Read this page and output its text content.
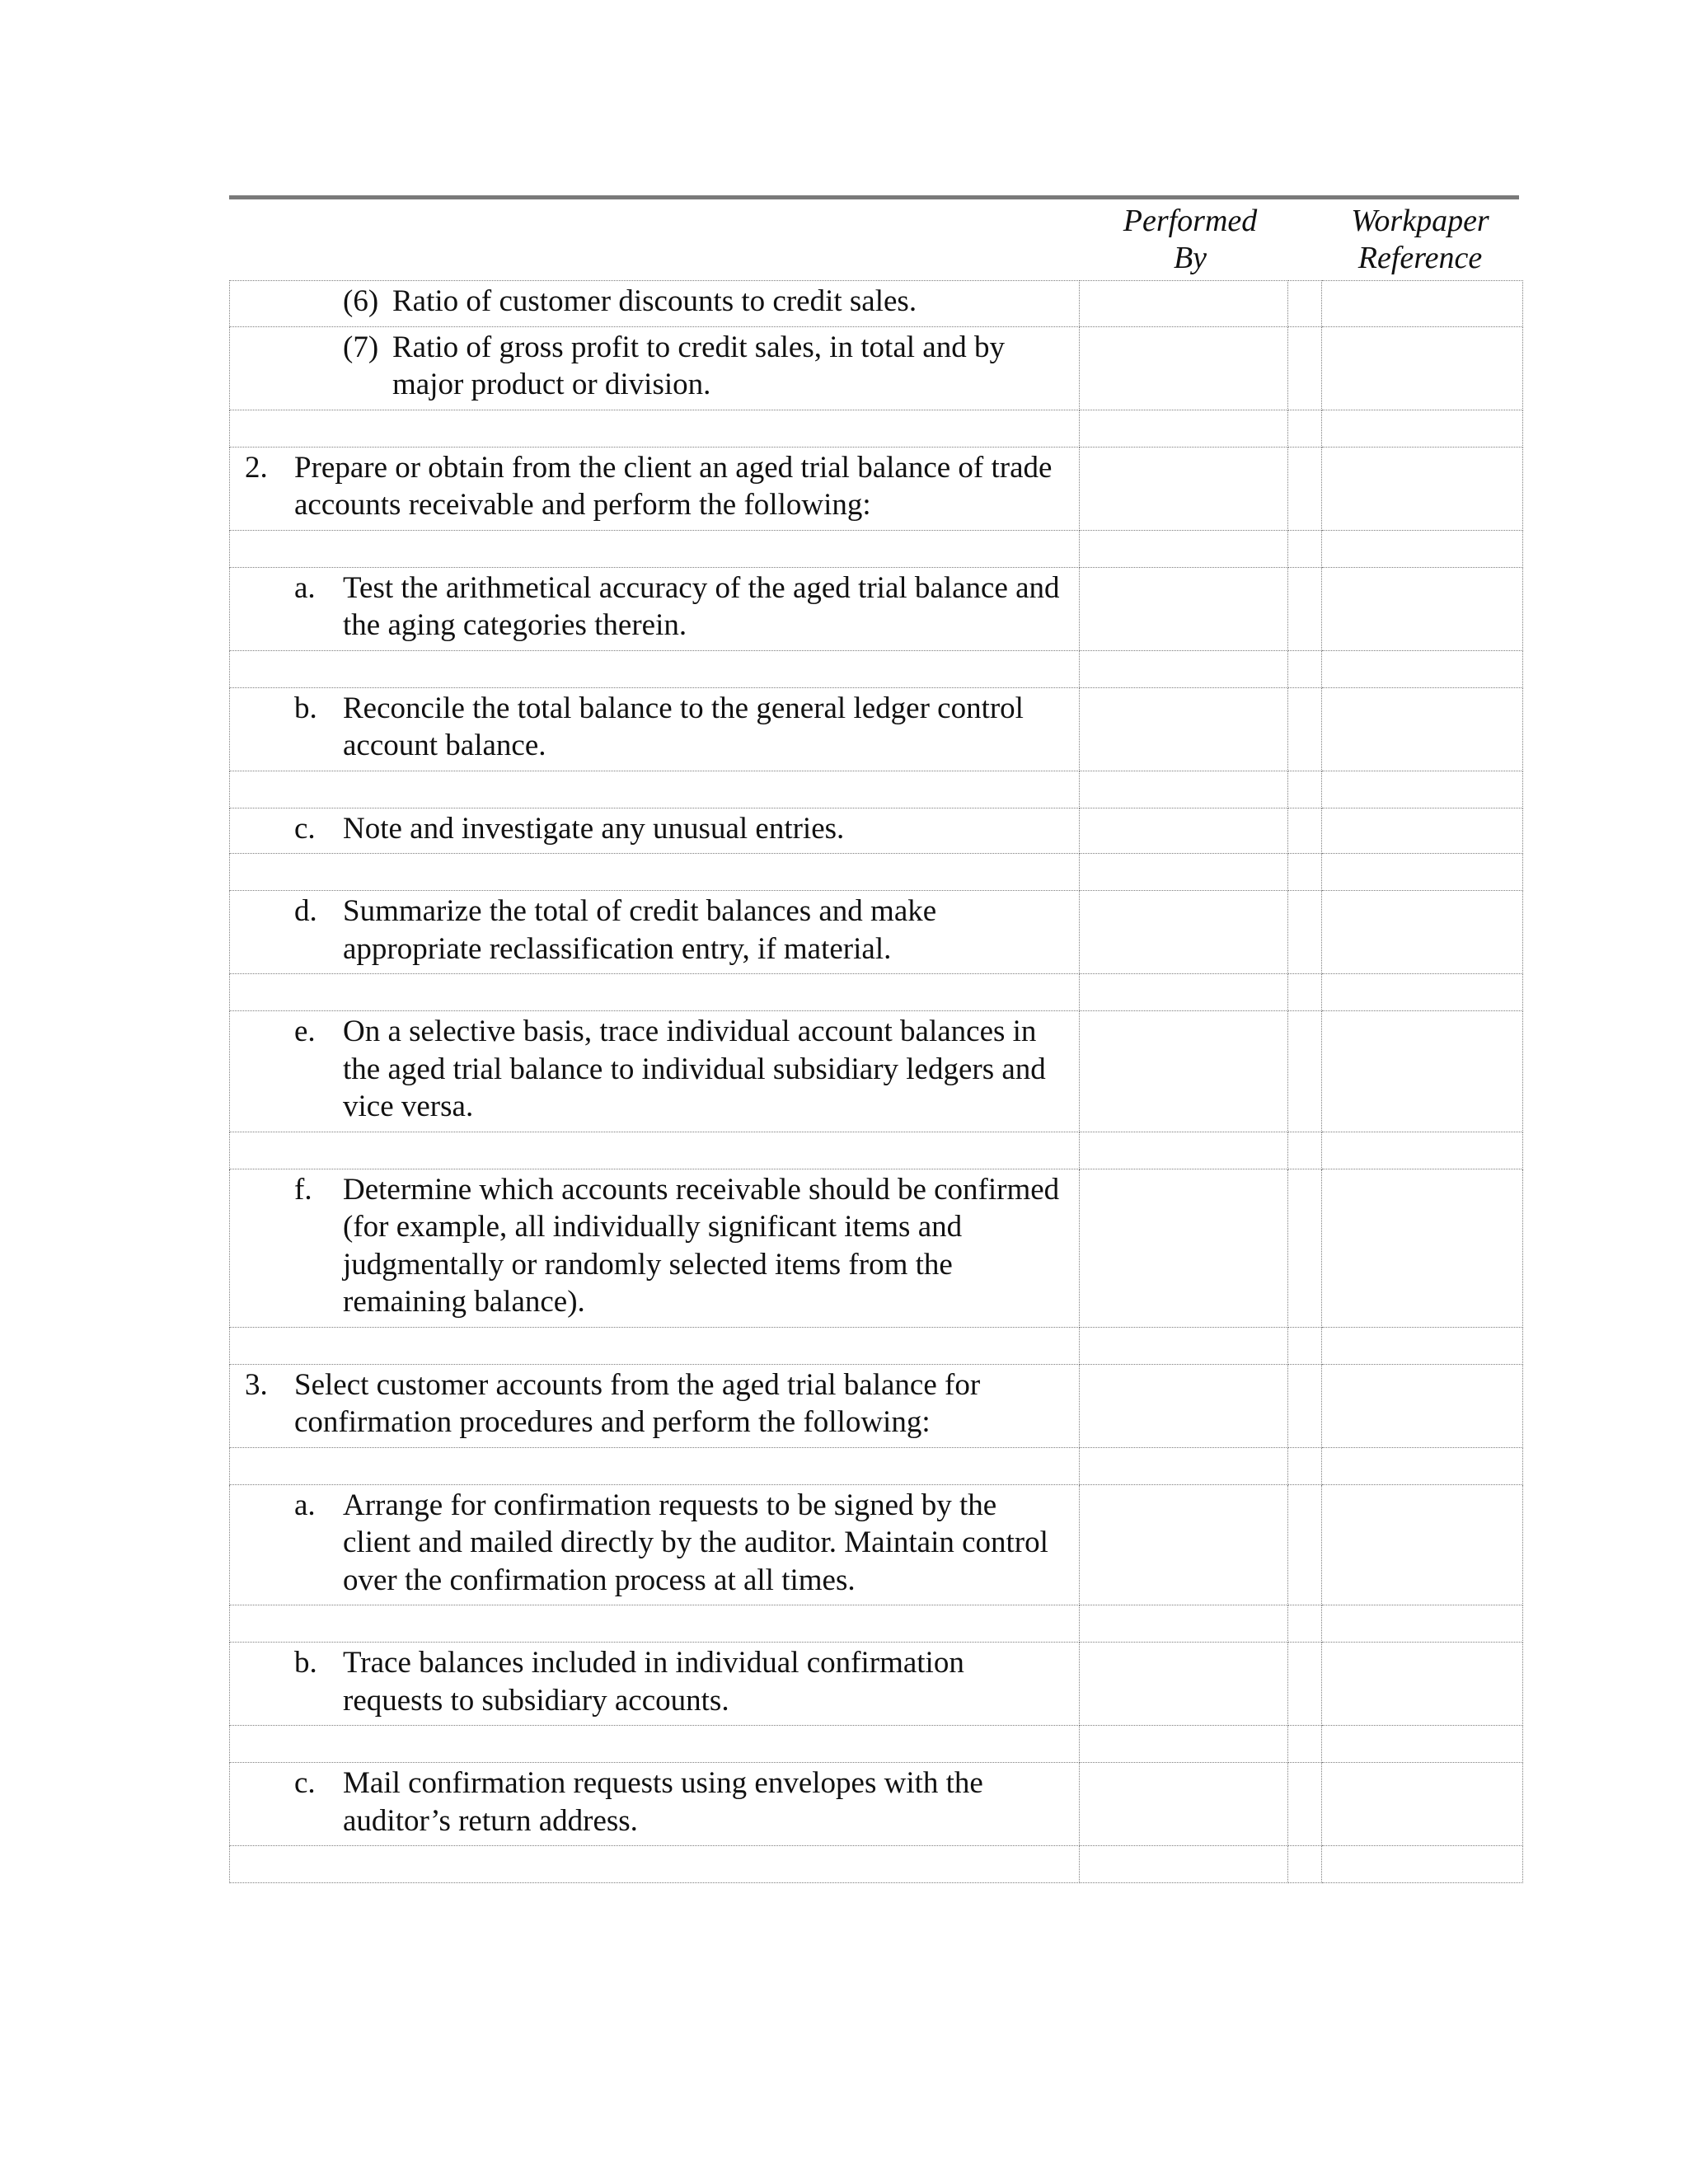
Performed
By
Workpaper
Reference
(6) Ratio of customer discounts to credit sales.			

(7) Ratio of gross profit to credit sales, in total and by major product or division.			

2. Prepare or obtain from the client an aged trial balance of trade accounts receivable and perform the following:			

a. Test the arithmetical accuracy of the aged trial balance and the aging categories therein.			

b. Reconcile the total balance to the general ledger control account balance.			

c. Note and investigate any unusual entries.			

d. Summarize the total of credit balances and make appropriate reclassification entry, if material.			

e. On a selective basis, trace individual account balances in the aged trial balance to individual subsidiary ledgers and vice versa.			

f. Determine which accounts receivable should be confirmed (for example, all individually significant items and judgmentally or randomly selected items from the remaining balance).			

3. Select customer accounts from the aged trial balance for confirmation procedures and perform the following:			

a. Arrange for confirmation requests to be signed by the client and mailed directly by the auditor. Maintain control over the confirmation process at all times.			

b. Trace balances included in individual confirmation requests to subsidiary accounts.			

c. Mail confirmation requests using envelopes with the auditor’s return address.			
